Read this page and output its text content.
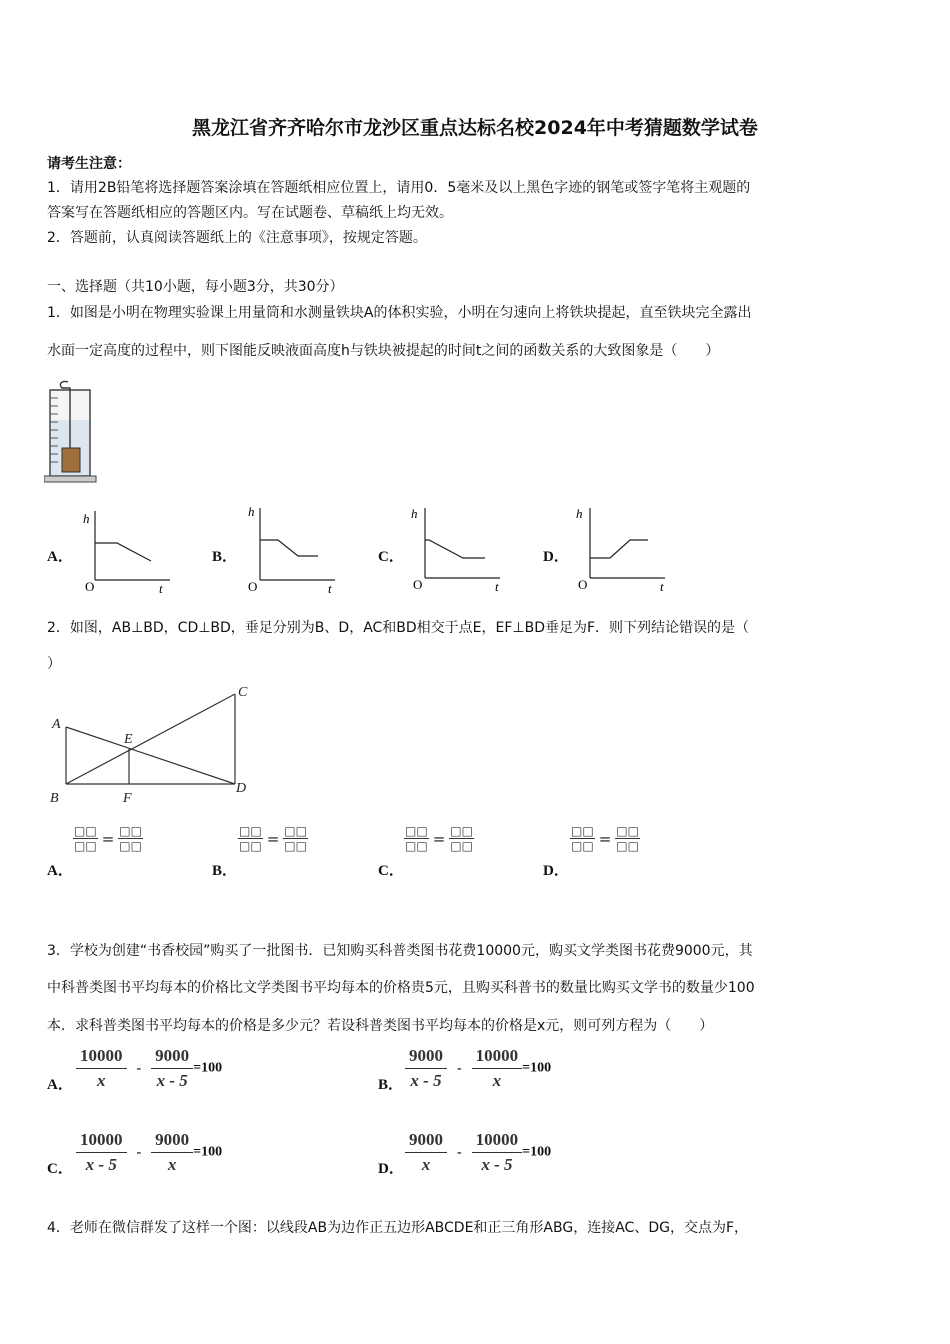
黑龙江省齐齐哈尔市龙沙区重点达标名校2024年中考猜题数学试卷
请考生注意：
1．请用2B铅笔将选择题答案涂填在答题纸相应位置上，请用0．5毫米及以上黑色字迹的钢笔或签字笔将主观题的
答案写在答题纸相应的答题区内。写在试题卷、草稿纸上均无效。
2．答题前，认真阅读答题纸上的《注意事项》，按规定答题。
一、选择题（共10小题，每小题3分，共30分）
1．如图是小明在物理实验课上用量筒和水测量铁块A的体积实验，小明在匀速向上将铁块提起，直至铁块完全露出
水面一定高度的过程中，则下图能反映液面高度h与铁块被提起的时间t之间的函数关系的大致图象是（　　）
A．
h
O	t
B．
h
O	t
C．
h
O	t
D．
h
O	t
2．如图，AB⊥BD，CD⊥BD，垂足分别为B、D，AC和BD相交于点E，EF⊥BD垂足为F．则下列结论错误的是（
）
A
B
C
D
E
F
A．
□□
□□ = □□
□□
B．
□□
□□ = □□
□□
C．
□□
□□ = □□
□□
D．
□□
□□ = □□
□□
3．学校为创建“书香校园”购买了一批图书．已知购买科普类图书花费10000元，购买文学类图书花费9000元，其
中科普类图书平均每本的价格比文学类图书平均每本的价格贵5元，且购买科普书的数量比购买文学书的数量少100
本．求科普类图书平均每本的价格是多少元？若设科普类图书平均每本的价格是x元，则可列方程为（　　）
A． $\frac{10000}{x} - \frac{9000}{x - 5} =100$
B． $\frac{9000}{x - 5} - \frac{10000}{x} =100$
C． $\frac{10000}{x - 5} - \frac{9000}{x} =100$
D． $\frac{9000}{x} - \frac{10000}{x - 5} =100$
4．老师在微信群发了这样一个图：以线段AB为边作正五边形ABCDE和正三角形ABG，连接AC、DG，交点为F，
